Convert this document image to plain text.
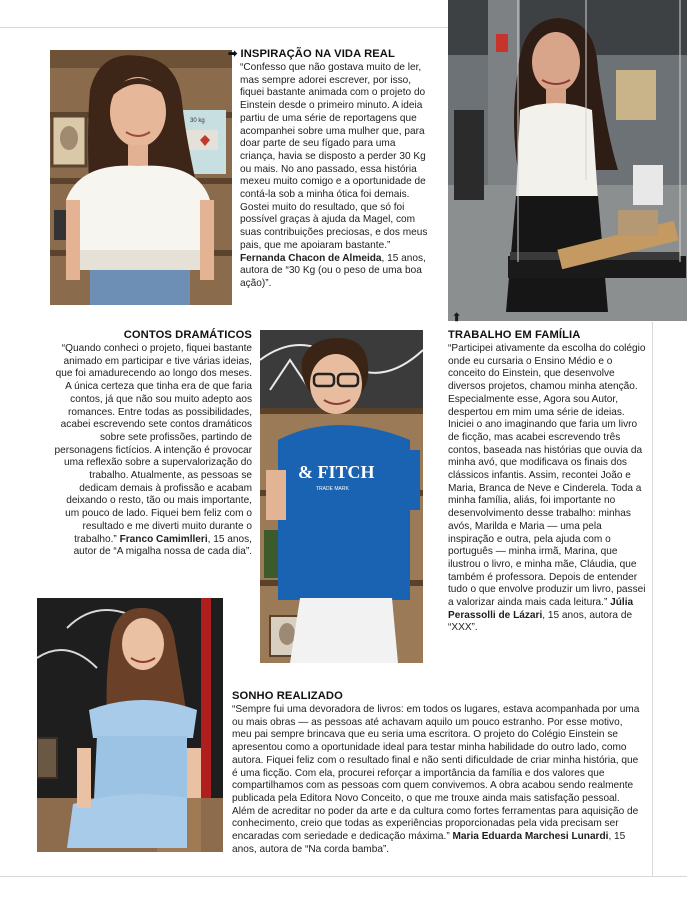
30 kg
➡ INSPIRAÇÃO NA VIDA REAL
“Confesso que não gostava muito de ler, mas sempre adorei escrever, por isso, fiquei bastante animada com o projeto do Einstein desde o primeiro minuto. A ideia partiu de uma série de reportagens que acompanhei sobre uma mulher que, para doar parte de seu fígado para uma criança, havia se disposto a perder 30 Kg ou mais. No ano passado, essa história mexeu muito comigo e a oportunidade de contá-la sob a minha ótica foi demais. Gostei muito do resultado, que só foi possível graças à ajuda da Magel, com suas contribuições preciosas, e dos meus pais, que me apoiaram bastante.” Fernanda Chacon de Almeida, 15 anos, autora de “30 Kg (ou o peso de uma boa ação)”.
⬆
CONTOS DRAMÁTICOS
“Quando conheci o projeto, fiquei bastante animado em participar e tive várias ideias, que foi amadurecendo ao longo dos meses. A única certeza que tinha era de que faria contos, já que não sou muito adepto aos romances. Entre todas as possibilidades, acabei escrevendo sete contos dramáticos sobre sete profissões, partindo de personagens fictícios. A intenção é provocar uma reflexão sobre a supervalorização do trabalho. Atualmente, as pessoas se dedicam demais à profissão e acabam deixando o resto, tão ou mais importante, um pouco de lado. Fiquei bem feliz com o resultado e me diverti muito durante o trabalho.” Franco Camimlleri, 15 anos, autor de “A migalha nossa de cada dia”.
& FITCH
TRADE MARK
TRABALHO EM FAMÍLIA
“Participei ativamente da escolha do colégio onde eu cursaria o Ensino Médio e o conceito do Einstein, que desenvolve diversos projetos, chamou minha atenção. Especialmente esse, Agora sou Autor, despertou em mim uma série de ideias. Iniciei o ano imaginando que faria um livro de ficção, mas acabei escrevendo três contos, baseada nas histórias que ouvia da minha avó, que modificava os finais dos clássicos infantis. Assim, recontei João e Maria, Branca de Neve e Cinderela. Toda a minha família, aliás, foi importante no desenvolvimento desse trabalho: minhas avós, Marilda e Maria — uma pela inspiração e outra, pela ajuda com o português — minha irmã, Marina, que ilustrou o livro, e minha mãe, Cláudia, que também é professora. Depois de entender tudo o que envolve produzir um livro, passei a valorizar ainda mais cada leitura.” Júlia Perassolli de Lázari, 15 anos, autora de “XXX”.
SONHO REALIZADO
“Sempre fui uma devoradora de livros: em todos os lugares, estava acompanhada por uma ou mais obras — as pessoas até achavam aquilo um pouco estranho. Por esse motivo, meu pai sempre brincava que eu seria uma escritora. O projeto do Colégio Einstein se apresentou como a oportunidade ideal para testar minha habilidade do outro lado, como autora. Fiquei feliz com o resultado final e não senti dificuldade de criar minha história, que é uma ficção. Com ela, procurei reforçar a importância da família e dos valores que compartilhamos com as pessoas com quem convivemos. A obra acabou sendo realmente publicada pela Editora Novo Conceito, o que me trouxe ainda mais satisfação pessoal. Além de acreditar no poder da arte e da cultura como fortes ferramentas para aquisição de conhecimento, creio que todas as experiências proporcionadas pela vida precisam ser encaradas com seriedade e dedicação máxima.” Maria Eduarda Marchesi Lunardi, 15 anos, autora de “Na corda bamba”.
